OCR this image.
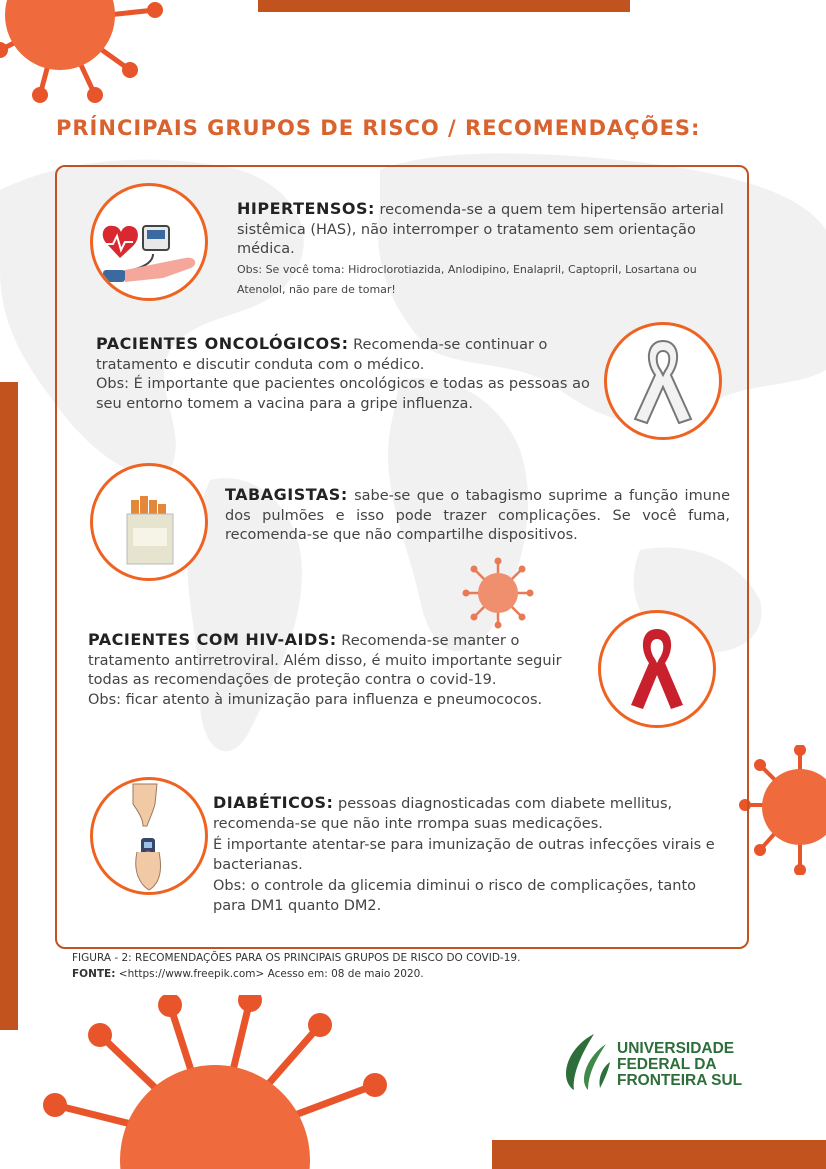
PRÍNCIPAIS GRUPOS DE RISCO / RECOMENDAÇÕES:
HIPERTENSOS: recomenda-se a quem tem hipertensão arterial sistêmica (HAS), não interromper o tratamento sem orientação médica.
Obs: Se você toma: Hidroclorotiazida, Anlodipino, Enalapril, Captopril, Losartana ou Atenolol, não pare de tomar!
PACIENTES ONCOLÓGICOS: Recomenda-se continuar o tratamento e discutir conduta com o médico.
Obs: É importante que pacientes oncológicos e todas as pessoas ao seu entorno tomem a vacina para a gripe influenza.
TABAGISTAS: sabe-se que o tabagismo suprime a função imune dos pulmões e isso pode trazer complicações. Se você fuma, recomenda-se que não compartilhe dispositivos.
PACIENTES COM HIV-AIDS: Recomenda-se manter o tratamento antirretroviral. Além disso, é muito importante seguir todas as recomendações de proteção contra o covid-19.
Obs: ficar atento à imunização para influenza e pneumococos.
DIABÉTICOS: pessoas diagnosticadas com diabete mellitus, recomenda-se que não inte rrompa suas medicações.
É importante atentar-se para imunização de outras infecções virais e bacterianas.
Obs: o controle da glicemia diminui o risco de complicações, tanto para DM1 quanto DM2.
FIGURA - 2: RECOMENDAÇÕES PARA OS PRINCIPAIS GRUPOS DE RISCO DO COVID-19.
FONTE: <https://www.freepik.com> Acesso em: 08 de maio 2020.
UNIVERSIDADE
FEDERAL DA
FRONTEIRA SUL
